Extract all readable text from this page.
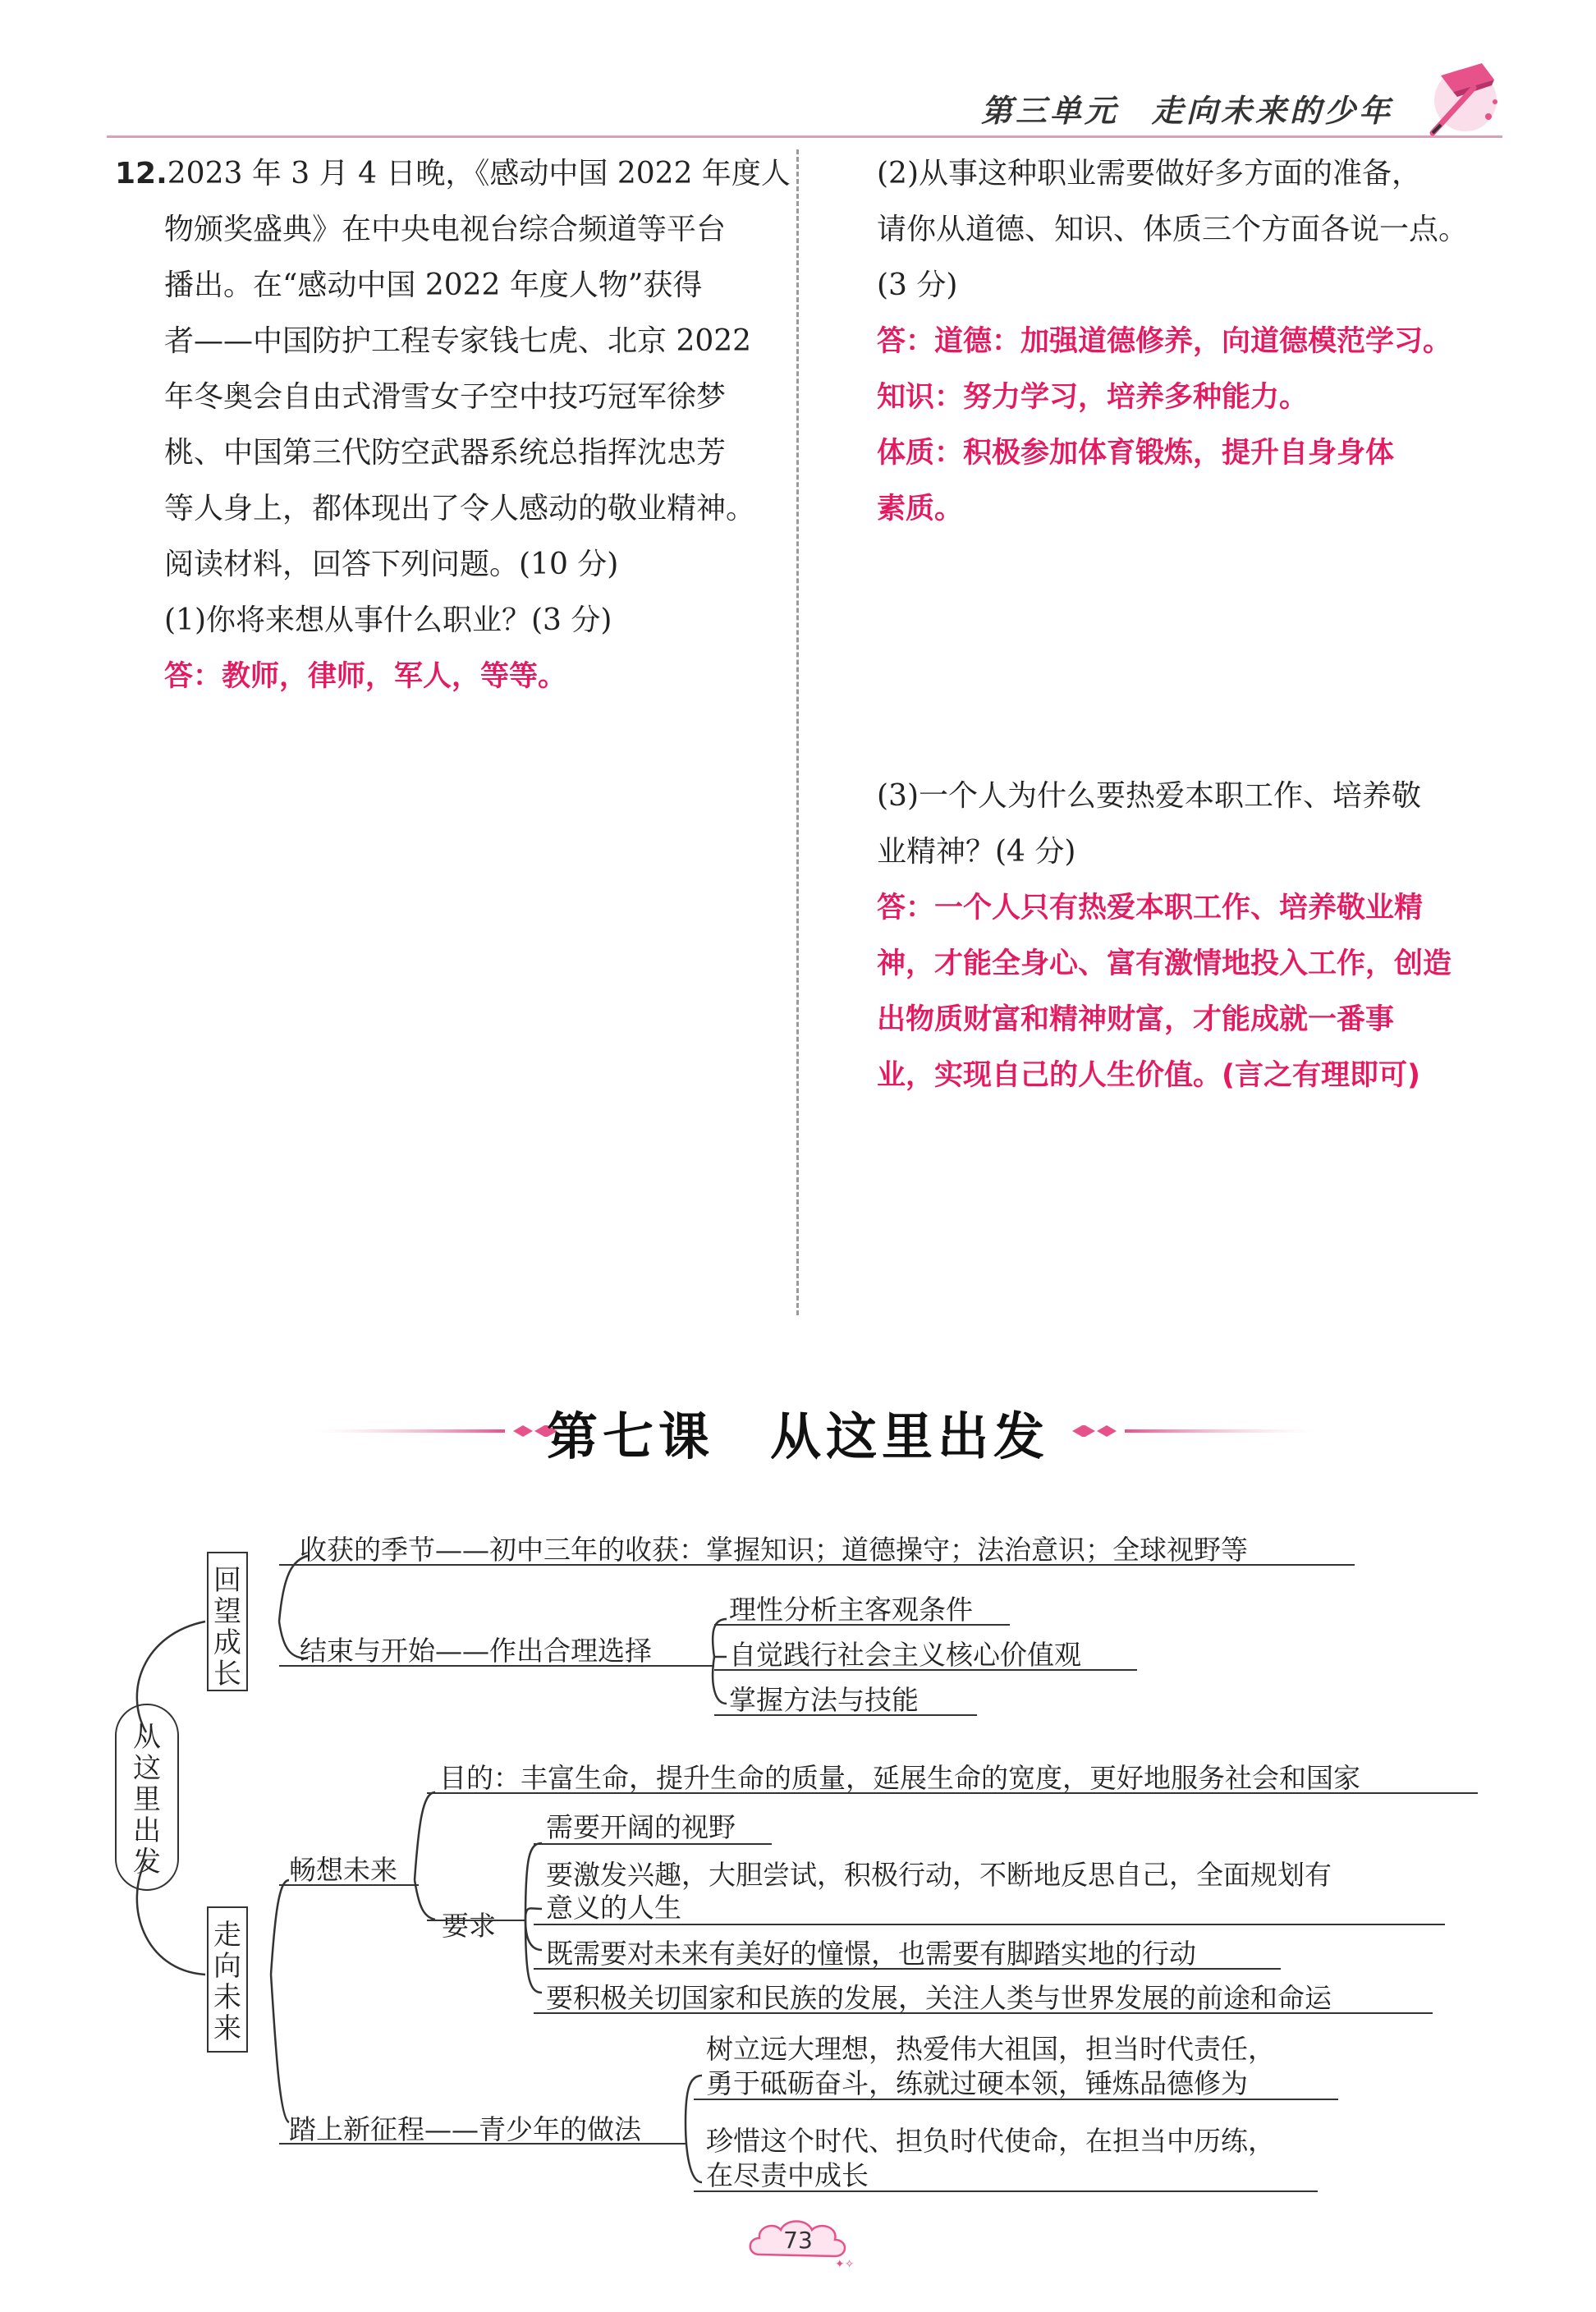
第三单元 走向未来的少年
12.2023 年 3 月 4 日晚，《感动中国 2022 年度人
物颁奖盛典》在中央电视台综合频道等平台
播出。在“感动中国 2022 年度人物”获得
者——中国防护工程专家钱七虎、北京 2022
年冬奥会自由式滑雪女子空中技巧冠军徐梦
桃、中国第三代防空武器系统总指挥沈忠芳
等人身上，都体现出了令人感动的敬业精神。
阅读材料，回答下列问题。(10 分)
(1)你将来想从事什么职业？(3 分)
答：教师，律师，军人，等等。
(2)从事这种职业需要做好多方面的准备，
请你从道德、知识、体质三个方面各说一点。
(3 分)
答：道德：加强道德修养，向道德模范学习。
知识：努力学习，培养多种能力。
体质：积极参加体育锻炼，提升自身身体
素质。
(3)一个人为什么要热爱本职工作、培养敬
业精神？(4 分)
答：一个人只有热爱本职工作、培养敬业精
神，才能全身心、富有激情地投入工作，创造
出物质财富和精神财富，才能成就一番事
业，实现自己的人生价值。(言之有理即可)
第七课　从这里出发
从
这
里
出
发
回
望
成
长
收获的季节——初中三年的收获：掌握知识；道德操守；法治意识；全球视野等
结束与开始——作出合理选择
理性分析主客观条件
自觉践行社会主义核心价值观
掌握方法与技能
走
向
未
来
畅想未来
目的：丰富生命，提升生命的质量，延展生命的宽度，更好地服务社会和国家
要求
需要开阔的视野
要激发兴趣，大胆尝试，积极行动，不断地反思自己，全面规划有
意义的人生
既需要对未来有美好的憧憬，也需要有脚踏实地的行动
要积极关切国家和民族的发展，关注人类与世界发展的前途和命运
踏上新征程——青少年的做法
树立远大理想，热爱伟大祖国，担当时代责任，
勇于砥砺奋斗，练就过硬本领，锤炼品德修为
珍惜这个时代、担负时代使命，在担当中历练，
在尽责中成长
✦✧
73
